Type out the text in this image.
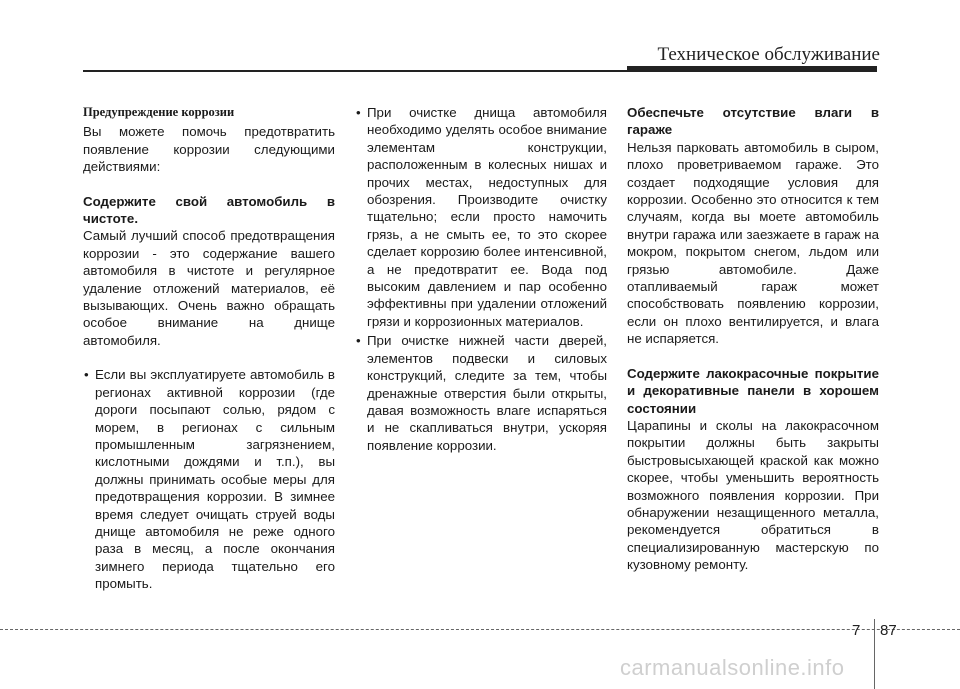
Техническое обслуживание
Предупреждение коррозии

Вы можете помочь предотвратить появление коррозии следующими действиями:

Содержите свой автомобиль в чистоте.

Самый лучший способ предотвращения коррозии - это содержание вашего автомобиля в чистоте и регулярное удаление отложений материалов, её вызывающих. Очень важно обращать особое внимание на днище автомобиля.

• Если вы эксплуатируете автомобиль в регионах активной коррозии (где дороги посыпают солью, рядом с морем, в регионах с сильным промышленным загрязнением, кислотными дождями и т.п.), вы должны принимать особые меры для предотвращения коррозии. В зимнее время следует очищать струей воды днище автомобиля не реже одного раза в месяц, а после окончания зимнего периода тщательно его промыть.
• При очистке днища автомобиля необходимо уделять особое внимание элементам конструкции, расположенным в колесных нишах и прочих местах, недоступных для обозрения. Производите очистку тщательно; если просто намочить грязь, а не смыть ее, то это скорее сделает коррозию более интенсивной, а не предотвратит ее. Вода под высоким давлением и пар особенно эффективны при удалении отложений грязи и коррозионных материалов.
• При очистке нижней части дверей, элементов подвески и силовых конструкций, следите за тем, чтобы дренажные отверстия были открыты, давая возможность влаге испаряться и не скапливаться внутри, ускоряя появление коррозии.
Обеспечьте отсутствие влаги в гараже

Нельзя парковать автомобиль в сыром, плохо проветриваемом гараже. Это создает подходящие условия для коррозии. Особенно это относится к тем случаям, когда вы моете автомобиль внутри гаража или заезжаете в гараж на мокром, покрытом снегом, льдом или грязью автомобиле. Даже отапливаемый гараж может способствовать появлению коррозии, если он плохо вентилируется, и влага не испаряется.

Содержите лакокрасочные покрытие и декоративные панели в хорошем состоянии

Царапины и сколы на лакокрасочном покрытии должны быть закрыты быстровысыхающей краской как можно скорее, чтобы уменьшить вероятность возможного появления коррозии. При обнаружении незащищенного металла, рекомендуется обратиться в специализированную мастерскую по кузовному ремонту.

7 87
carmanualsonline.info
